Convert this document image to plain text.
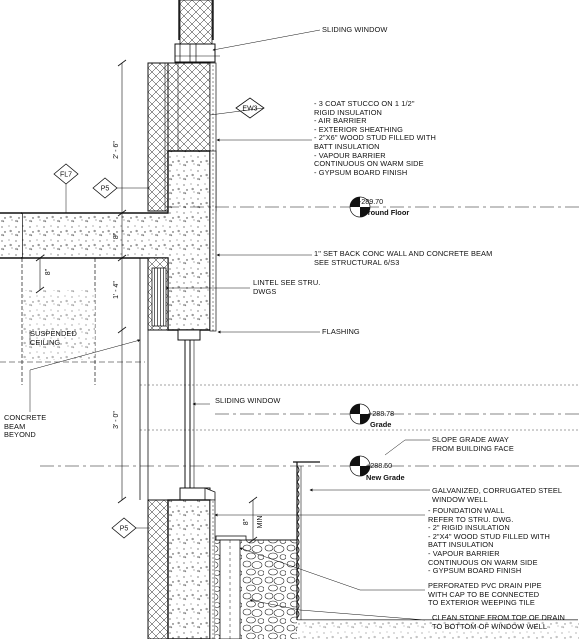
2' - 6"
8"
1' - 4"
8"
3' - 0"
8" MIN
EW3
FL7
P5
P5
SLIDING WINDOW
- 3 COAT STUCCO ON 1 1/2"
RIGID INSULATION
- AIR BARRIER
- EXTERIOR SHEATHING
- 2"X6" WOOD STUD FILLED WITH
BATT INSULATION
- VAPOUR BARRIER
CONTINUOUS ON WARM SIDE
- GYPSUM BOARD FINISH
1" SET BACK CONC WALL AND CONCRETE BEAM
SEE STRUCTURAL 6/S3
LINTEL SEE STRU.
DWGS
FLASHING
SLIDING WINDOW
SUSPENDED
CEILING
CONCRETE
BEAM
BEYOND
SLOPE GRADE AWAY
FROM BUILDING FACE
GALVANIZED, CORRUGATED STEEL
WINDOW WELL
- FOUNDATION WALL
REFER TO STRU. DWG.
- 2" RIGID INSULATION
- 2"X4" WOOD STUD FILLED WITH
BATT INSULATION
- VAPOUR BARRIER
CONTINUOUS ON WARM SIDE
- GYPSUM BOARD FINISH
PERFORATED PVC DRAIN PIPE
WITH CAP TO BE CONNECTED
TO EXTERIOR WEEPING TILE
CLEAN STONE FROM TOP OF DRAIN
TO BOTTOM OF WINDOW WELL
+289.70
Ground Floor
+288.78
Grade
+288.50
New Grade
